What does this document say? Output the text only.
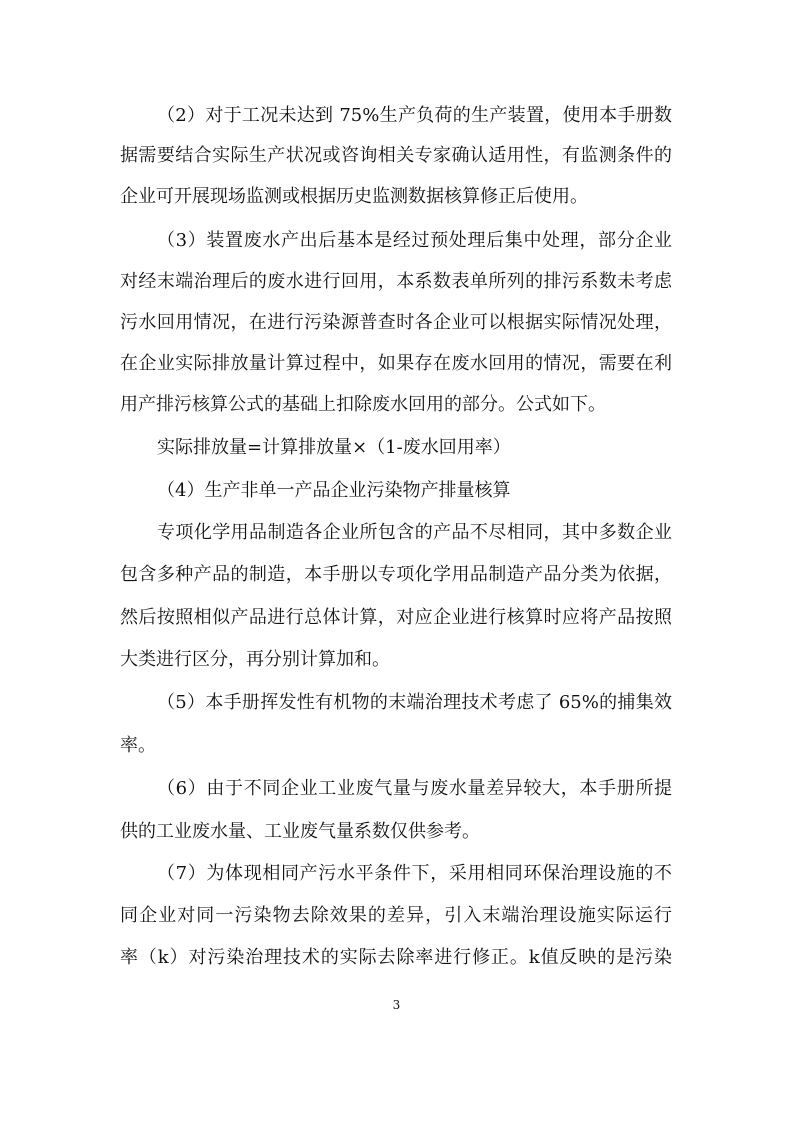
（2）对于工况未达到 75%生产负荷的生产装置，使用本手册数
据需要结合实际生产状况或咨询相关专家确认适用性，有监测条件的
企业可开展现场监测或根据历史监测数据核算修正后使用。
（3）装置废水产出后基本是经过预处理后集中处理，部分企业
对经末端治理后的废水进行回用，本系数表单所列的排污系数未考虑
污水回用情况，在进行污染源普查时各企业可以根据实际情况处理，
在企业实际排放量计算过程中，如果存在废水回用的情况，需要在利
用产排污核算公式的基础上扣除废水回用的部分。公式如下。
实际排放量=计算排放量×（1-废水回用率）
（4）生产非单一产品企业污染物产排量核算
专项化学用品制造各企业所包含的产品不尽相同，其中多数企业
包含多种产品的制造，本手册以专项化学用品制造产品分类为依据，
然后按照相似产品进行总体计算，对应企业进行核算时应将产品按照
大类进行区分，再分别计算加和。
（5）本手册挥发性有机物的末端治理技术考虑了 65%的捕集效
率。
（6）由于不同企业工业废气量与废水量差异较大，本手册所提
供的工业废水量、工业废气量系数仅供参考。
（7）为体现相同产污水平条件下，采用相同环保治理设施的不
同企业对同一污染物去除效果的差异，引入末端治理设施实际运行
率（k）对污染治理技术的实际去除率进行修正。k值反映的是污染
3
